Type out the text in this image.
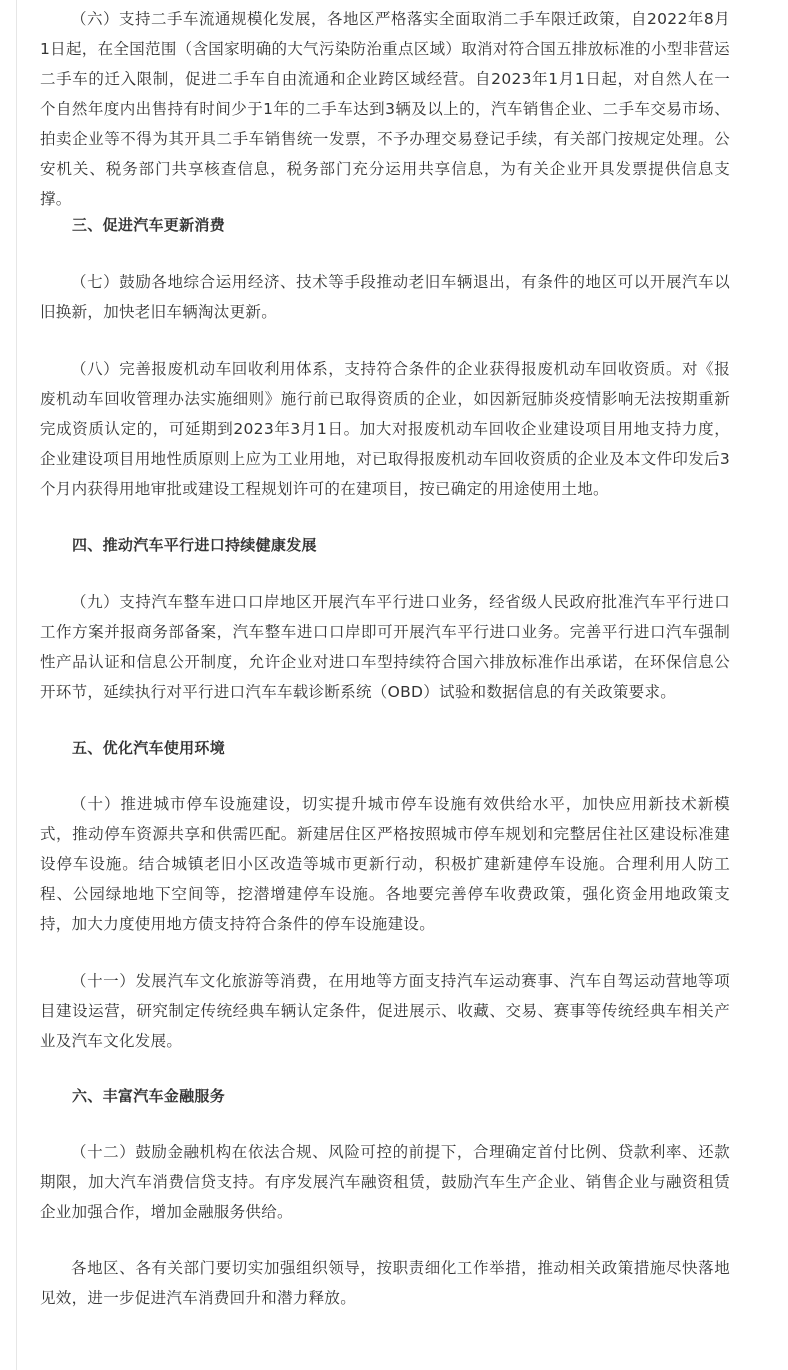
（六）支持二手车流通规模化发展，各地区严格落实全面取消二手车限迁政策，自2022年8月1日起，在全国范围（含国家明确的大气污染防治重点区域）取消对符合国五排放标准的小型非营运二手车的迁入限制，促进二手车自由流通和企业跨区域经营。自2023年1月1日起，对自然人在一个自然年度内出售持有时间少于1年的二手车达到3辆及以上的，汽车销售企业、二手车交易市场、拍卖企业等不得为其开具二手车销售统一发票，不予办理交易登记手续，有关部门按规定处理。公安机关、税务部门共享核查信息，税务部门充分运用共享信息，为有关企业开具发票提供信息支撑。

三、促进汽车更新消费

（七）鼓励各地综合运用经济、技术等手段推动老旧车辆退出，有条件的地区可以开展汽车以旧换新，加快老旧车辆淘汰更新。

（八）完善报废机动车回收利用体系，支持符合条件的企业获得报废机动车回收资质。对《报废机动车回收管理办法实施细则》施行前已取得资质的企业，如因新冠肺炎疫情影响无法按期重新完成资质认定的，可延期到2023年3月1日。加大对报废机动车回收企业建设项目用地支持力度，企业建设项目用地性质原则上应为工业用地，对已取得报废机动车回收资质的企业及本文件印发后3个月内获得用地审批或建设工程规划许可的在建项目，按已确定的用途使用土地。

四、推动汽车平行进口持续健康发展

（九）支持汽车整车进口口岸地区开展汽车平行进口业务，经省级人民政府批准汽车平行进口工作方案并报商务部备案，汽车整车进口口岸即可开展汽车平行进口业务。完善平行进口汽车强制性产品认证和信息公开制度，允许企业对进口车型持续符合国六排放标准作出承诺，在环保信息公开环节，延续执行对平行进口汽车车载诊断系统（OBD）试验和数据信息的有关政策要求。

五、优化汽车使用环境

（十）推进城市停车设施建设，切实提升城市停车设施有效供给水平，加快应用新技术新模式，推动停车资源共享和供需匹配。新建居住区严格按照城市停车规划和完整居住社区建设标准建设停车设施。结合城镇老旧小区改造等城市更新行动，积极扩建新建停车设施。合理利用人防工程、公园绿地地下空间等，挖潜增建停车设施。各地要完善停车收费政策，强化资金用地政策支持，加大力度使用地方债支持符合条件的停车设施建设。

（十一）发展汽车文化旅游等消费，在用地等方面支持汽车运动赛事、汽车自驾运动营地等项目建设运营，研究制定传统经典车辆认定条件，促进展示、收藏、交易、赛事等传统经典车相关产业及汽车文化发展。

六、丰富汽车金融服务

（十二）鼓励金融机构在依法合规、风险可控的前提下，合理确定首付比例、贷款利率、还款期限，加大汽车消费信贷支持。有序发展汽车融资租赁，鼓励汽车生产企业、销售企业与融资租赁企业加强合作，增加金融服务供给。

各地区、各有关部门要切实加强组织领导，按职责细化工作举措，推动相关政策措施尽快落地见效，进一步促进汽车消费回升和潜力释放。
